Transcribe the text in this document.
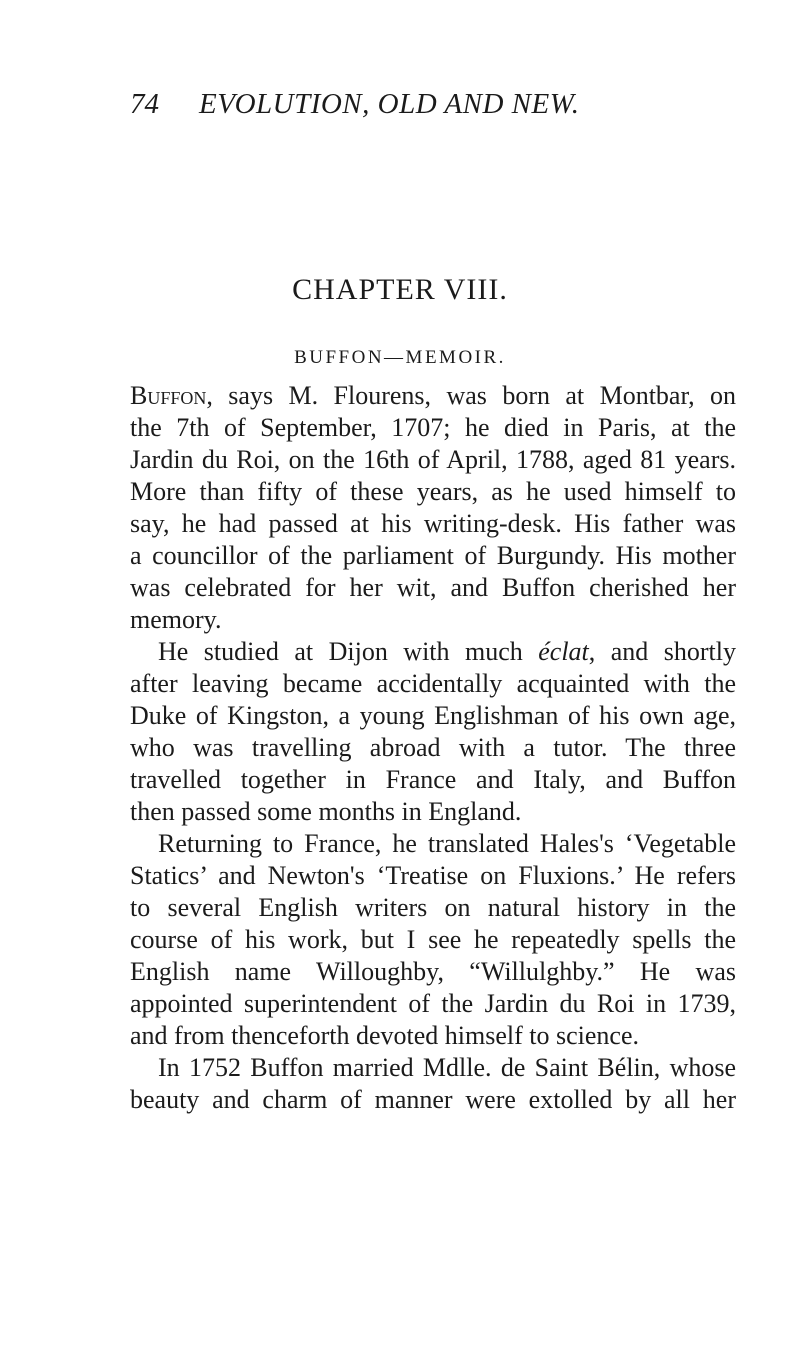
74 EVOLUTION, OLD AND NEW.
CHAPTER VIII.
BUFFON—MEMOIR.
Buffon, says M. Flourens, was born at Montbar, on
the 7th of September, 1707; he died in Paris, at the
Jardin du Roi, on the 16th of April, 1788, aged 81 years.
More than fifty of these years, as he used himself to
say, he had passed at his writing-desk. His father was
a councillor of the parliament of Burgundy. His mother
was celebrated for her wit, and Buffon cherished her
memory.
He studied at Dijon with much éclat, and shortly
after leaving became accidentally acquainted with the
Duke of Kingston, a young Englishman of his own age,
who was travelling abroad with a tutor. The three
travelled together in France and Italy, and Buffon
then passed some months in England.
Returning to France, he translated Hales's ‘Vegetable
Statics’ and Newton's ‘Treatise on Fluxions.’ He refers
to several English writers on natural history in the
course of his work, but I see he repeatedly spells the
English name Willoughby, “Willulghby.” He was
appointed superintendent of the Jardin du Roi in 1739,
and from thenceforth devoted himself to science.
In 1752 Buffon married Mdlle. de Saint Bélin, whose
beauty and charm of manner were extolled by all her
